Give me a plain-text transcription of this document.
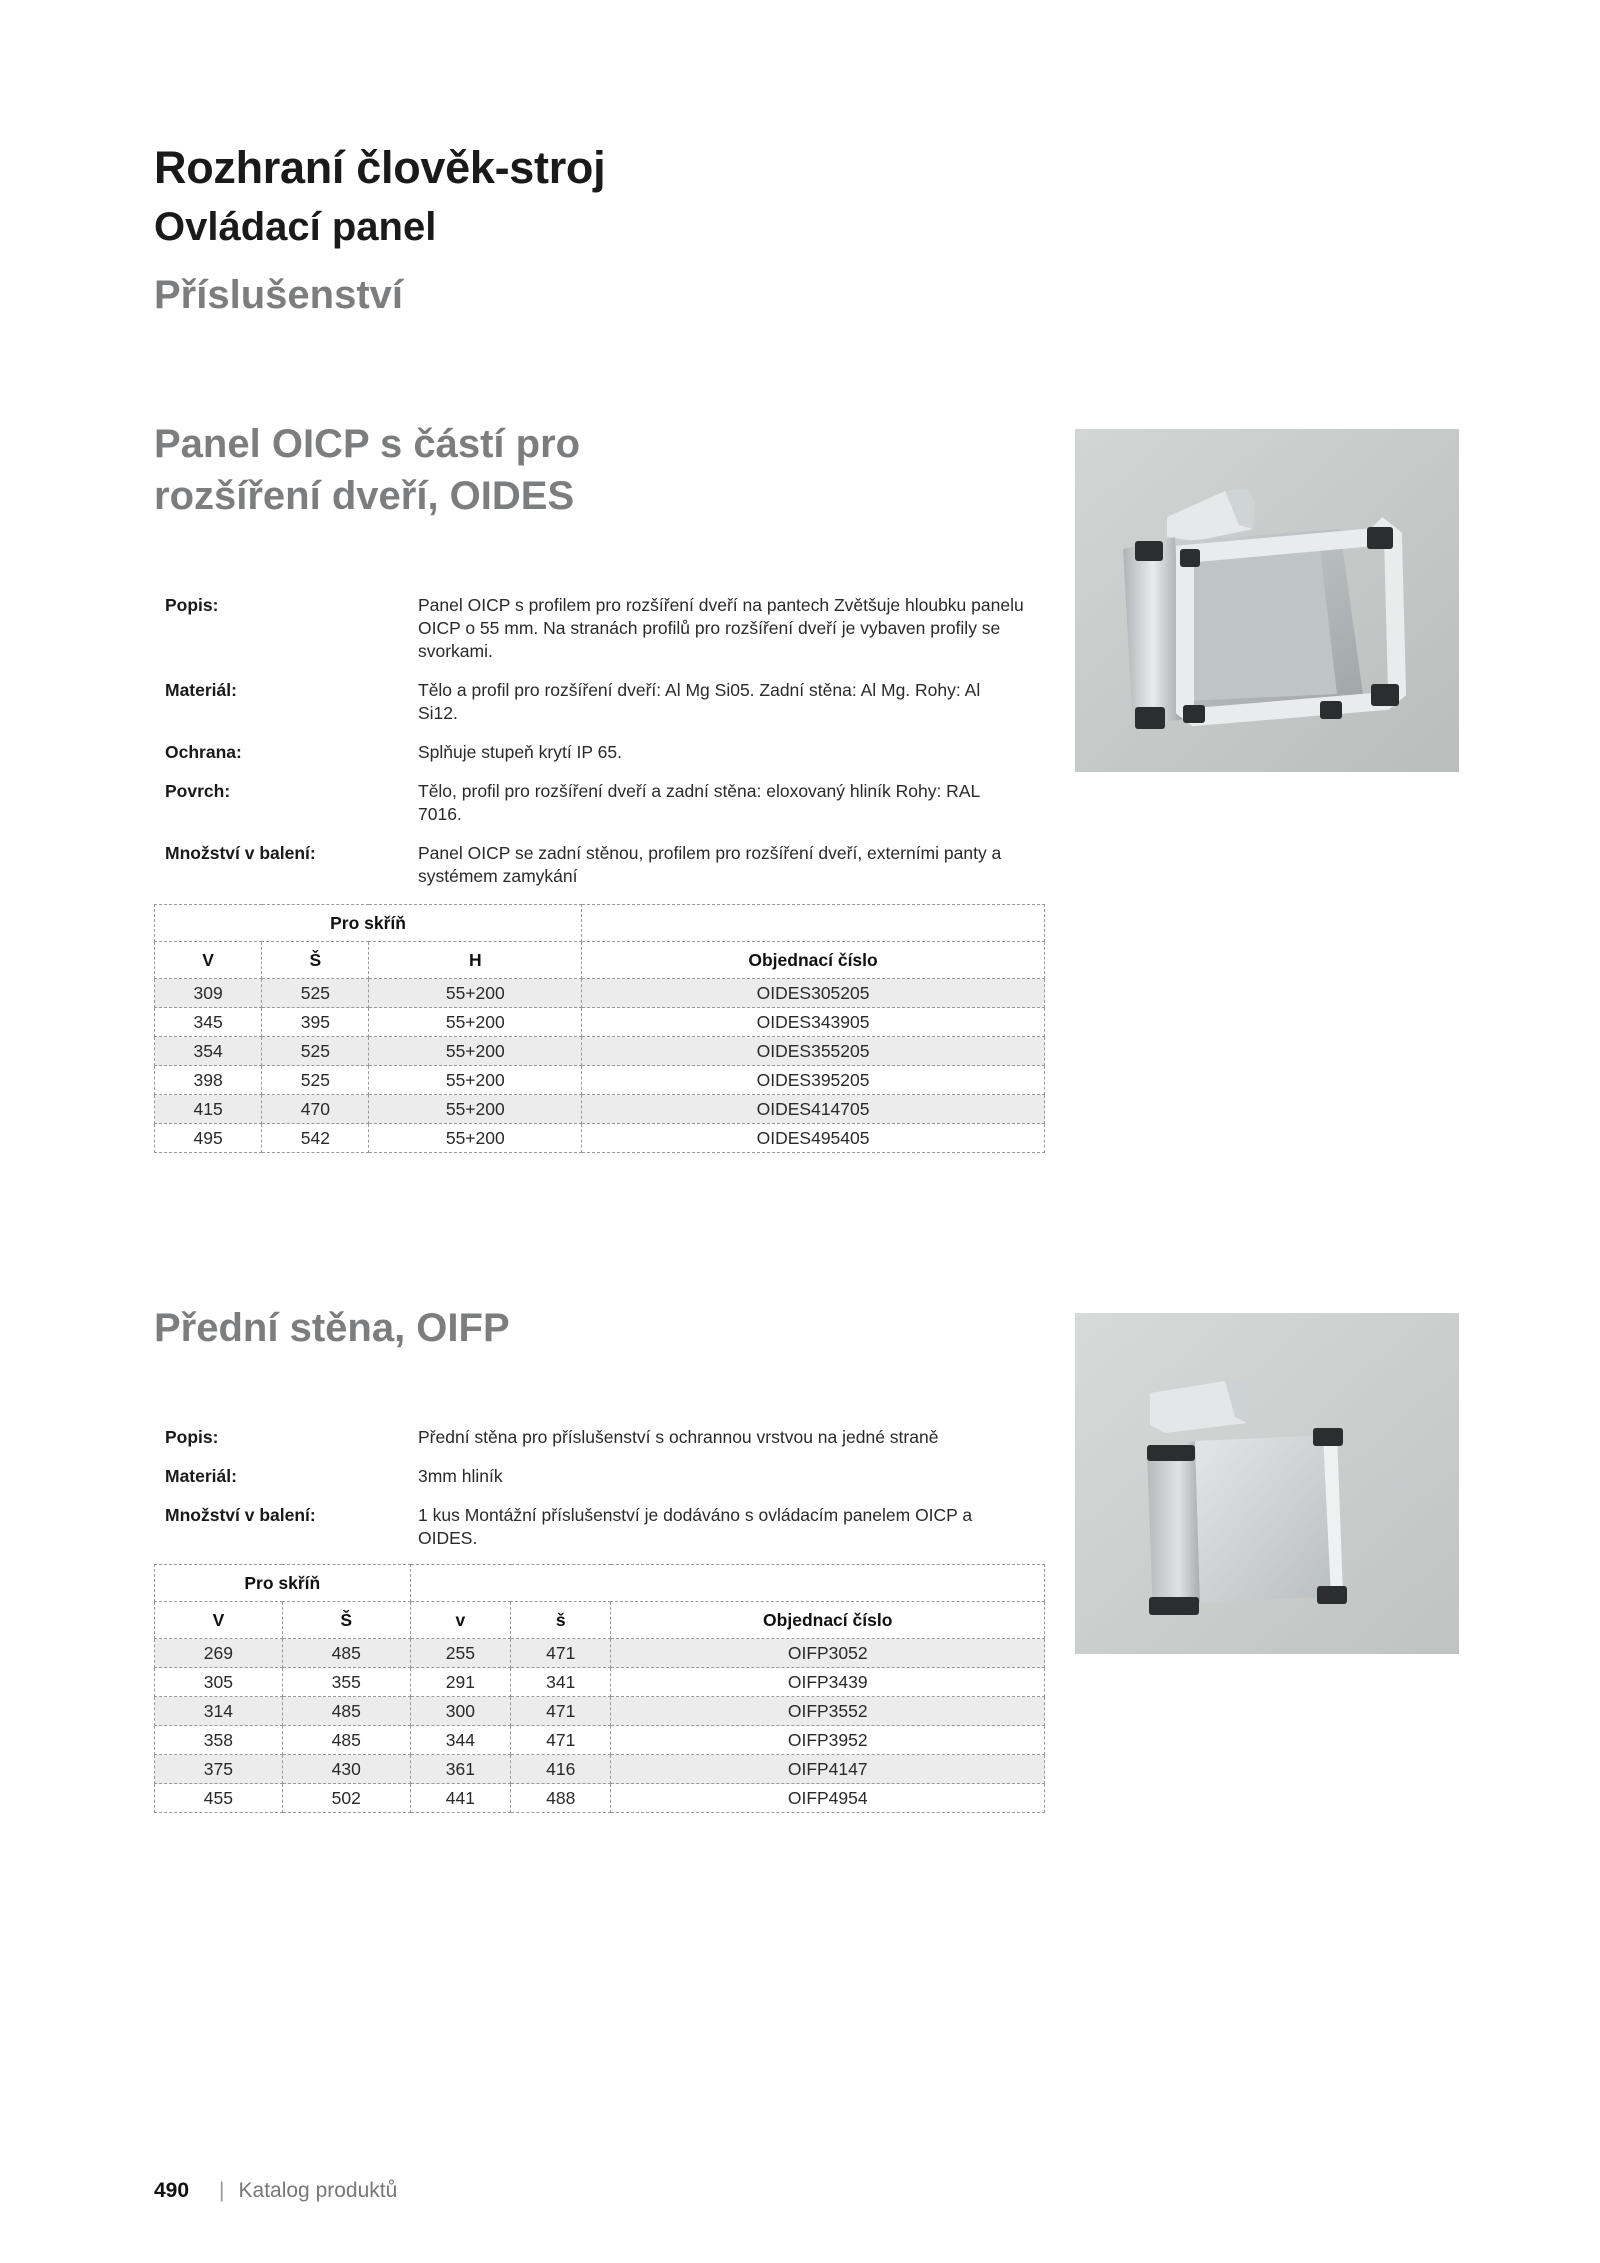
Rozhraní člověk-stroj
Ovládací panel
Příslušenství
Panel OICP s částí pro
rozšíření dveří, OIDES
Popis:	Panel OICP s profilem pro rozšíření dveří na pantech Zvětšuje hloubku panelu OICP o 55 mm. Na stranách profilů pro rozšíření dveří je vybaven profily se svorkami.
Materiál:	Tělo a profil pro rozšíření dveří: Al Mg Si05. Zadní stěna: Al Mg. Rohy: Al Si12.
Ochrana:	Splňuje stupeň krytí IP 65.
Povrch:	Tělo, profil pro rozšíření dveří a zadní stěna: eloxovaný hliník Rohy: RAL 7016.
Množství v balení:	Panel OICP se zadní stěnou, profilem pro rozšíření dveří, externími panty a systémem zamykání
Pro skříň			
V	Š	H	Objednací číslo
309	525	55+200	OIDES305205
345	395	55+200	OIDES343905
354	525	55+200	OIDES355205
398	525	55+200	OIDES395205
415	470	55+200	OIDES414705
495	542	55+200	OIDES495405
Přední stěna, OIFP
Popis:	Přední stěna pro příslušenství s ochrannou vrstvou na jedné straně
Materiál:	3mm hliník
Množství v balení:	1 kus Montážní příslušenství je dodáváno s ovládacím panelem OICP a OIDES.
Pro skříň				
V	Š	v	š	Objednací číslo
269	485	255	471	OIFP3052
305	355	291	341	OIFP3439
314	485	300	471	OIFP3552
358	485	344	471	OIFP3952
375	430	361	416	OIFP4147
455	502	441	488	OIFP4954
490 | Katalog produktů
